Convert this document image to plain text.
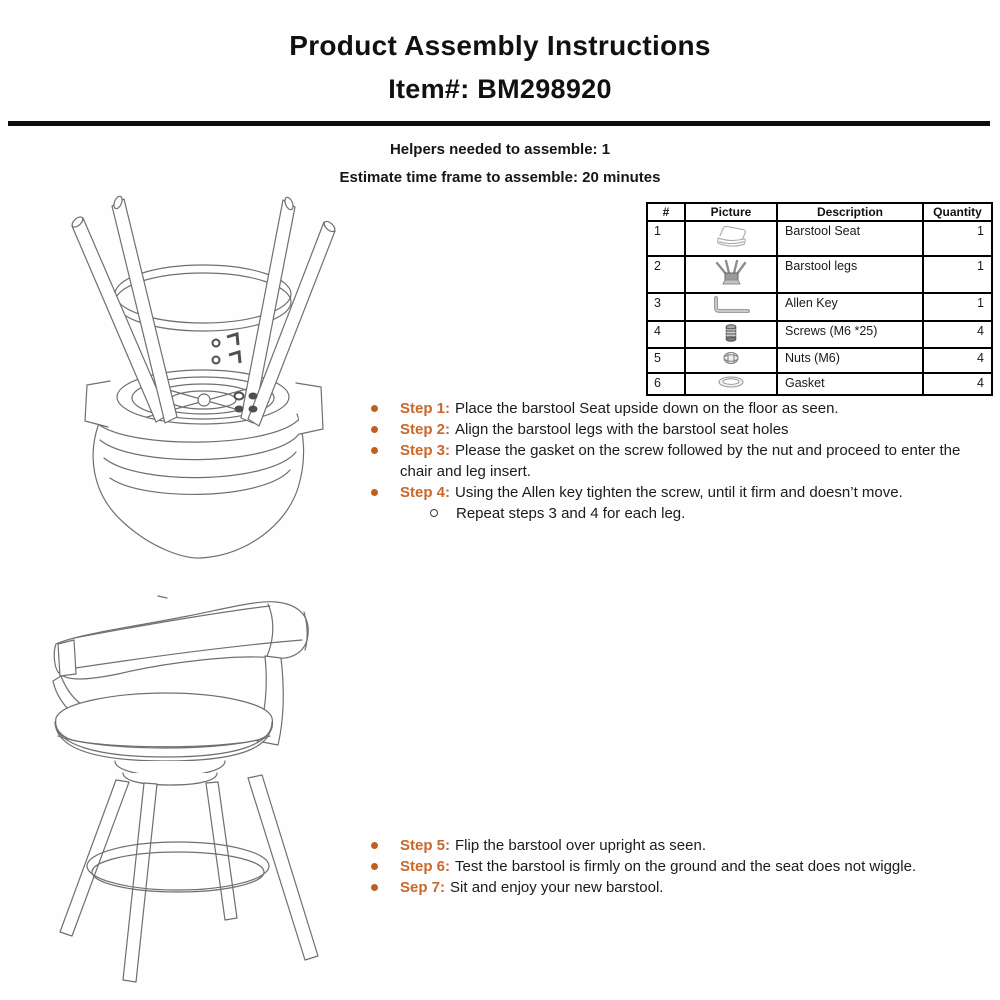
Product Assembly Instructions
Item#: BM298920
Helpers needed to assemble: 1
Estimate time frame to assemble: 20 minutes
#	Picture	Description	Quantity
1		Barstool Seat	1
2		Barstool legs	1
3		Allen Key	1
4		Screws (M6 *25)	4
5		Nuts (M6)	4
6		Gasket	4
Step 1: Place the barstool Seat upside down on the floor as seen.
Step 2: Align the barstool legs with the barstool seat holes
Step 3: Please the gasket on the screw followed by the nut and proceed to enter the chair and leg insert.
Step 4: Using the Allen key tighten the screw, until it firm and doesn’t move.
Repeat steps 3 and 4 for each leg.
Step 5: Flip the barstool over upright as seen.
Step 6: Test the barstool is firmly on the ground and the seat does not wiggle.
Sep 7: Sit and enjoy your new barstool.
